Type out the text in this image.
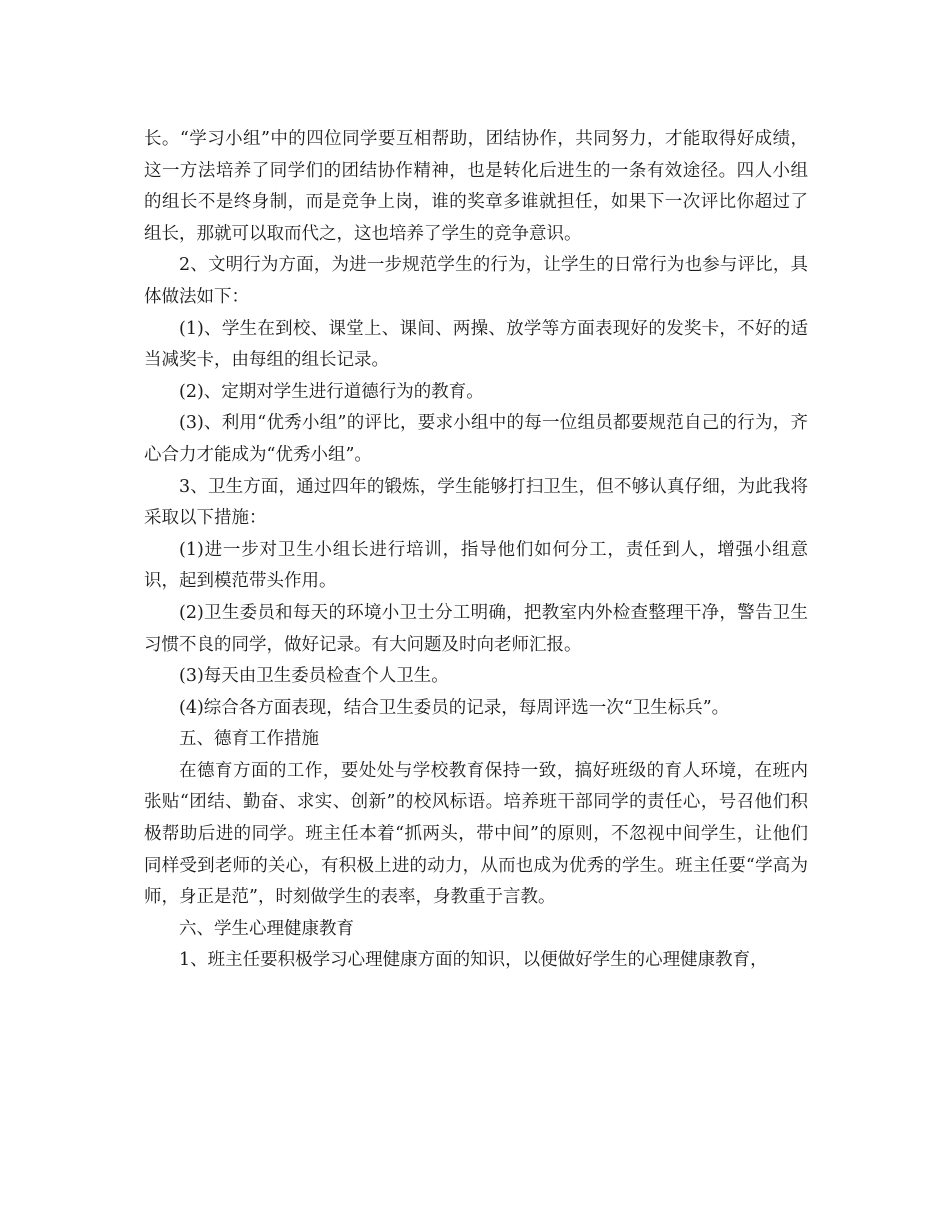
长。“学习小组”中的四位同学要互相帮助，团结协作，共同努力，才能取得好成绩，这一方法培养了同学们的团结协作精神，也是转化后进生的一条有效途径。四人小组的组长不是终身制，而是竞争上岗，谁的奖章多谁就担任，如果下一次评比你超过了组长，那就可以取而代之，这也培养了学生的竞争意识。

2、文明行为方面，为进一步规范学生的行为，让学生的日常行为也参与评比，具体做法如下：

(1)、学生在到校、课堂上、课间、两操、放学等方面表现好的发奖卡，不好的适当减奖卡，由每组的组长记录。

(2)、定期对学生进行道德行为的教育。

(3)、利用“优秀小组”的评比，要求小组中的每一位组员都要规范自己的行为，齐心合力才能成为“优秀小组”。

3、卫生方面，通过四年的锻炼，学生能够打扫卫生，但不够认真仔细，为此我将采取以下措施：

(1)进一步对卫生小组长进行培训，指导他们如何分工，责任到人，增强小组意识，起到模范带头作用。

(2)卫生委员和每天的环境小卫士分工明确，把教室内外检查整理干净，警告卫生习惯不良的同学，做好记录。有大问题及时向老师汇报。

(3)每天由卫生委员检查个人卫生。

(4)综合各方面表现，结合卫生委员的记录，每周评选一次“卫生标兵”。

五、德育工作措施

在德育方面的工作，要处处与学校教育保持一致，搞好班级的育人环境，在班内张贴“团结、勤奋、求实、创新”的校风标语。培养班干部同学的责任心，号召他们积极帮助后进的同学。班主任本着“抓两头，带中间”的原则，不忽视中间学生，让他们同样受到老师的关心，有积极上进的动力，从而也成为优秀的学生。班主任要“学高为师，身正是范”，时刻做学生的表率，身教重于言教。

六、学生心理健康教育

1、班主任要积极学习心理健康方面的知识，以便做好学生的心理健康教育，
